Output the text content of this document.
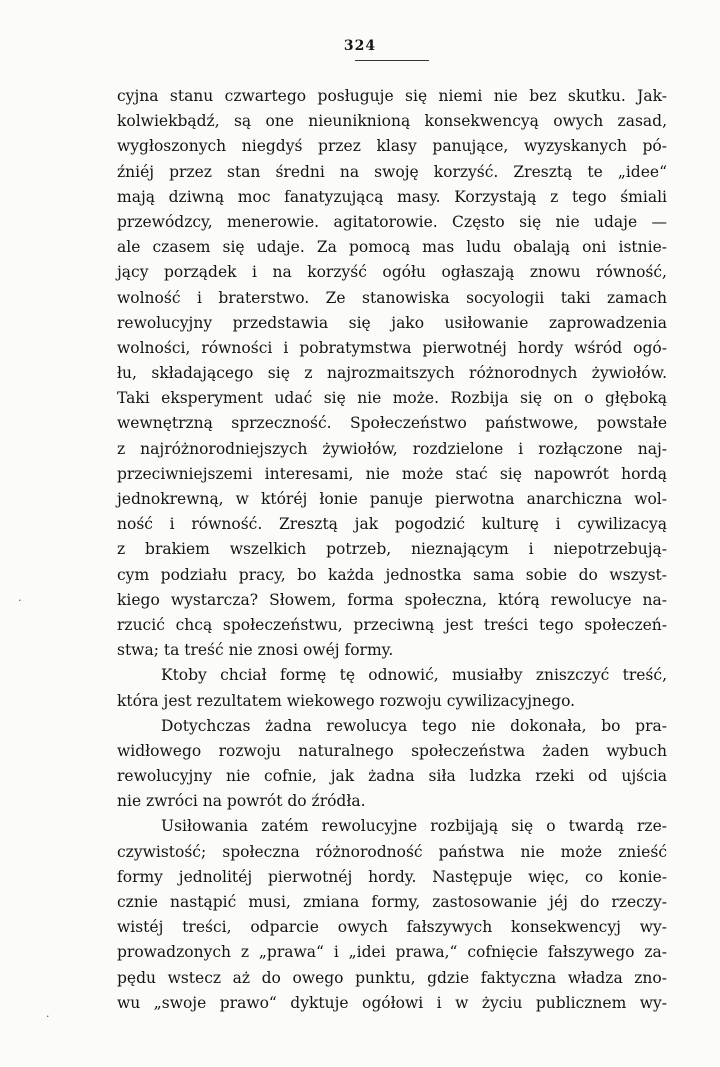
324
cyjna stanu czwartego posługuje się niemi nie bez skutku. Jak-
kolwiekbądź, są one nieuniknioną konsekwencyą owych zasad,
wygłoszonych niegdyś przez klasy panujące, wyzyskanych pó-
źniéj przez stan średni na swoję korzyść. Zresztą te „idee“
mają dziwną moc fanatyzującą masy. Korzystają z tego śmiali
przewódzcy, menerowie. agitatorowie. Często się nie udaje —
ale czasem się udaje. Za pomocą mas ludu obalają oni istnie-
jący porządek i na korzyść ogółu ogłaszają znowu równość,
wolność i braterstwo. Ze stanowiska socyologii taki zamach
rewolucyjny przedstawia się jako usiłowanie zaprowadzenia
wolności, równości i pobratymstwa pierwotnéj hordy wśród ogó-
łu, składającego się z najrozmaitszych różnorodnych żywiołów.
Taki eksperyment udać się nie może. Rozbija się on o głęboką
wewnętrzną sprzeczność. Społeczeństwo państwowe, powstałe
z najróżnorodniejszych żywiołów, rozdzielone i rozłączone naj-
przeciwniejszemi interesami, nie może stać się napowrót hordą
jednokrewną, w któréj łonie panuje pierwotna anarchiczna wol-
ność i równość. Zresztą jak pogodzić kulturę i cywilizacyą
z brakiem wszelkich potrzeb, nieznającym i niepotrzebują-
cym podziału pracy, bo każda jednostka sama sobie do wszyst-
kiego wystarcza? Słowem, forma społeczna, którą rewolucye na-
rzucić chcą społeczeństwu, przeciwną jest treści tego społeczeń-
stwa; ta treść nie znosi owéj formy.
Ktoby chciał formę tę odnowić, musiałby zniszczyć treść,
która jest rezultatem wiekowego rozwoju cywilizacyjnego.
Dotychczas żadna rewolucya tego nie dokonała, bo pra-
widłowego rozwoju naturalnego społeczeństwa żaden wybuch
rewolucyjny nie cofnie, jak żadna siła ludzka rzeki od ujścia
nie zwróci na powrót do źródła.
Usiłowania zatém rewolucyjne rozbijają się o twardą rze-
czywistość; społeczna różnorodność państwa nie może znieść
formy jednolitéj pierwotnéj hordy. Następuje więc, co konie-
cznie nastąpić musi, zmiana formy, zastosowanie jéj do rzeczy-
wistéj treści, odparcie owych fałszywych konsekwencyj wy-
prowadzonych z „prawa“ i „idei prawa,“ cofnięcie fałszywego za-
pędu wstecz aż do owego punktu, gdzie faktyczna władza zno-
wu „swoje prawo“ dyktuje ogółowi i w życiu publicznem wy-
·
·
